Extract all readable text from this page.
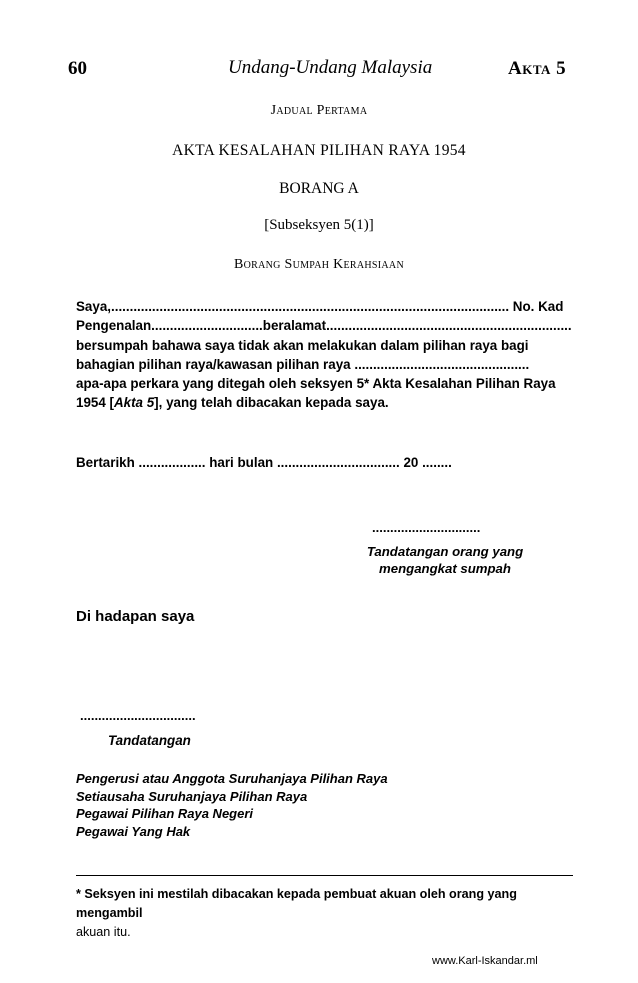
60	Undang-Undang Malaysia	Akta 5
Jadual Pertama
AKTA KESALAHAN PILIHAN RAYA 1954
BORANG A
[Subseksyen 5(1)]
Borang Sumpah Kerahsiaan
Saya,........................................................................................................... No. Kad
Pengenalan..............................beralamat..................................................................
bersumpah bahawa saya tidak akan melakukan dalam pilihan raya bagi
bahagian pilihan raya/kawasan pilihan raya ...............................................
apa-apa perkara yang ditegah oleh seksyen 5* Akta Kesalahan Pilihan Raya
1954 [Akta 5], yang telah dibacakan kepada saya.
Bertarikh .................. hari bulan ................................. 20 ........
..............................
Tandatangan orang yang mengangkat sumpah
Di hadapan saya
................................
Tandatangan
Pengerusi atau Anggota Suruhanjaya Pilihan Raya
Setiausaha Suruhanjaya Pilihan Raya
Pegawai Pilihan Raya Negeri
Pegawai Yang Hak
* Seksyen ini mestilah dibacakan kepada pembuat akuan oleh orang yang mengambil
akuan itu.
www.Karl-Iskandar.ml
